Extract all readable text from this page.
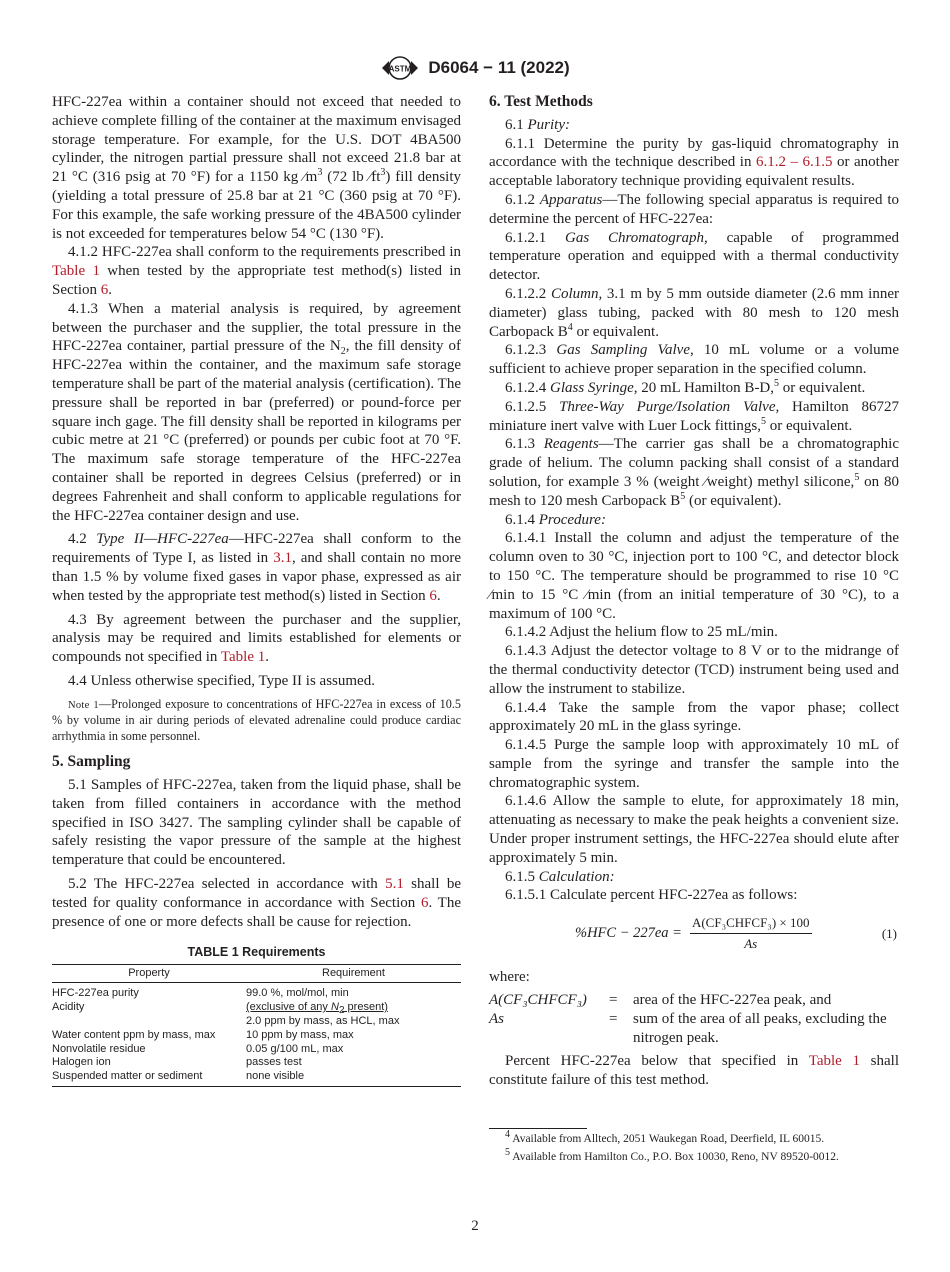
ASTM D6064 − 11 (2022)

HFC-227ea within a container should not exceed that needed to achieve complete filling of the container at the maximum envisaged storage temperature. For example, for the U.S. DOT 4BA500 cylinder, the nitrogen partial pressure shall not exceed 21.8 bar at 21 °C (316 psig at 70 °F) for a 1150 kg $⁄m^3$ (72 lb $⁄ft^3$) fill density (yielding a total pressure of 25.8 bar at 21 °C (360 psig at 70 °F). For this example, the safe working pressure of the 4BA500 cylinder is not exceeded for temperatures below 54 °C (130 °F).

4.1.2 HFC-227ea shall conform to the requirements prescribed in Table 1 when tested by the appropriate test method(s) listed in Section 6.

4.1.3 When a material analysis is required, by agreement between the purchaser and the supplier, the total pressure in the HFC-227ea container, partial pressure of the $N_2$, the fill density of HFC-227ea within the container, and the maximum safe storage temperature shall be part of the material analysis (certification). The pressure shall be reported in bar (preferred) or pound-force per square inch gage. The fill density shall be reported in kilograms per cubic metre at 21 °C (preferred) or pounds per cubic foot at 70 °F. The maximum safe storage temperature of the HFC-227ea container shall be reported in degrees Celsius (preferred) or in degrees Fahrenheit and shall conform to applicable regulations for the HFC-227ea container design and use.

4.2 Type II—HFC-227ea—HFC-227ea shall conform to the requirements of Type I, as listed in 3.1, and shall contain no more than 1.5 % by volume fixed gases in vapor phase, expressed as air when tested by the appropriate test method(s) listed in Section 6.

4.3 By agreement between the purchaser and the supplier, analysis may be required and limits established for elements or compounds not specified in Table 1.

4.4 Unless otherwise specified, Type II is assumed.

Note 1—Prolonged exposure to concentrations of HFC-227ea in excess of 10.5 % by volume in air during periods of elevated adrenaline could produce cardiac arrhythmia in some personnel.

5. Sampling

5.1 Samples of HFC-227ea, taken from the liquid phase, shall be taken from filled containers in accordance with the method specified in ISO 3427. The sampling cylinder shall be capable of safely resisting the vapor pressure of the sample at the highest temperature that could be encountered.

5.2 The HFC-227ea selected in accordance with 5.1 shall be tested for quality conformance in accordance with Section 6. The presence of one or more defects shall be cause for rejection.

TABLE 1 Requirements
Property	Requirement
HFC-227ea purity	99.0 %, mol/mol, min
Acidity	(exclusive of any $N_2$ present)
2.0 ppm by mass, as HCL, max
Water content ppm by mass, max	10 ppm by mass, max
Nonvolatile residue	0.05 g/100 mL, max
Halogen ion	passes test
Suspended matter or sediment	none visible

6. Test Methods

6.1 Purity:

6.1.1 Determine the purity by gas-liquid chromatography in accordance with the technique described in 6.1.2 – 6.1.5 or another acceptable laboratory technique providing equivalent results.

6.1.2 Apparatus—The following special apparatus is required to determine the percent of HFC-227ea:

6.1.2.1 Gas Chromatograph, capable of programmed temperature operation and equipped with a thermal conductivity detector.

6.1.2.2 Column, 3.1 m by 5 mm outside diameter (2.6 mm inner diameter) glass tubing, packed with 80 mesh to 120 mesh Carbopack $B^4$ or equivalent.

6.1.2.3 Gas Sampling Valve, 10 mL volume or a volume sufficient to achieve proper separation in the specified column.

6.1.2.4 Glass Syringe, 20 mL Hamilton B-D,$^5$ or equivalent.

6.1.2.5 Three-Way Purge/Isolation Valve, Hamilton 86727 miniature inert valve with Luer Lock fittings,$^5$ or equivalent.

6.1.3 Reagents—The carrier gas shall be a chromatographic grade of helium. The column packing shall consist of a standard solution, for example 3 % (weight ⁄weight) methyl silicone,$^5$ on 80 mesh to 120 mesh Carbopack $B^5$ (or equivalent).

6.1.4 Procedure:

6.1.4.1 Install the column and adjust the temperature of the column oven to 30 °C, injection port to 100 °C, and detector block to 150 °C. The temperature should be programmed to rise 10 °C ⁄min to 15 °C ⁄min (from an initial temperature of 30 °C), to a maximum of 100 °C.

6.1.4.2 Adjust the helium flow to 25 mL/min.

6.1.4.3 Adjust the detector voltage to 8 V or to the midrange of the thermal conductivity detector (TCD) instrument being used and allow the instrument to stabilize.

6.1.4.4 Take the sample from the vapor phase; collect approximately 20 mL in the glass syringe.

6.1.4.5 Purge the sample loop with approximately 10 mL of sample from the syringe and transfer the sample into the chromatographic system.

6.1.4.6 Allow the sample to elute, for approximately 18 min, attenuating as necessary to make the peak heights a convenient size. Under proper instrument settings, the HFC-227ea should elute after approximately 5 min.

6.1.5 Calculation:

6.1.5.1 Calculate percent HFC-227ea as follows:

$\%HFC - 227ea = \frac{\text{A(CF₃CHFCF₃) × 100}}{As}$	(1)

where:

A(CF₃CHFCF₃)	=	area of the HFC-227ea peak, and
As	=	sum of the area of all peaks, excluding the nitrogen peak.

Percent HFC-227ea below that specified in Table 1 shall constitute failure of this test method.

$^4$ Available from Alltech, 2051 Waukegan Road, Deerfield, IL 60015.

$^5$ Available from Hamilton Co., P.O. Box 10030, Reno, NV 89520-0012.

2
